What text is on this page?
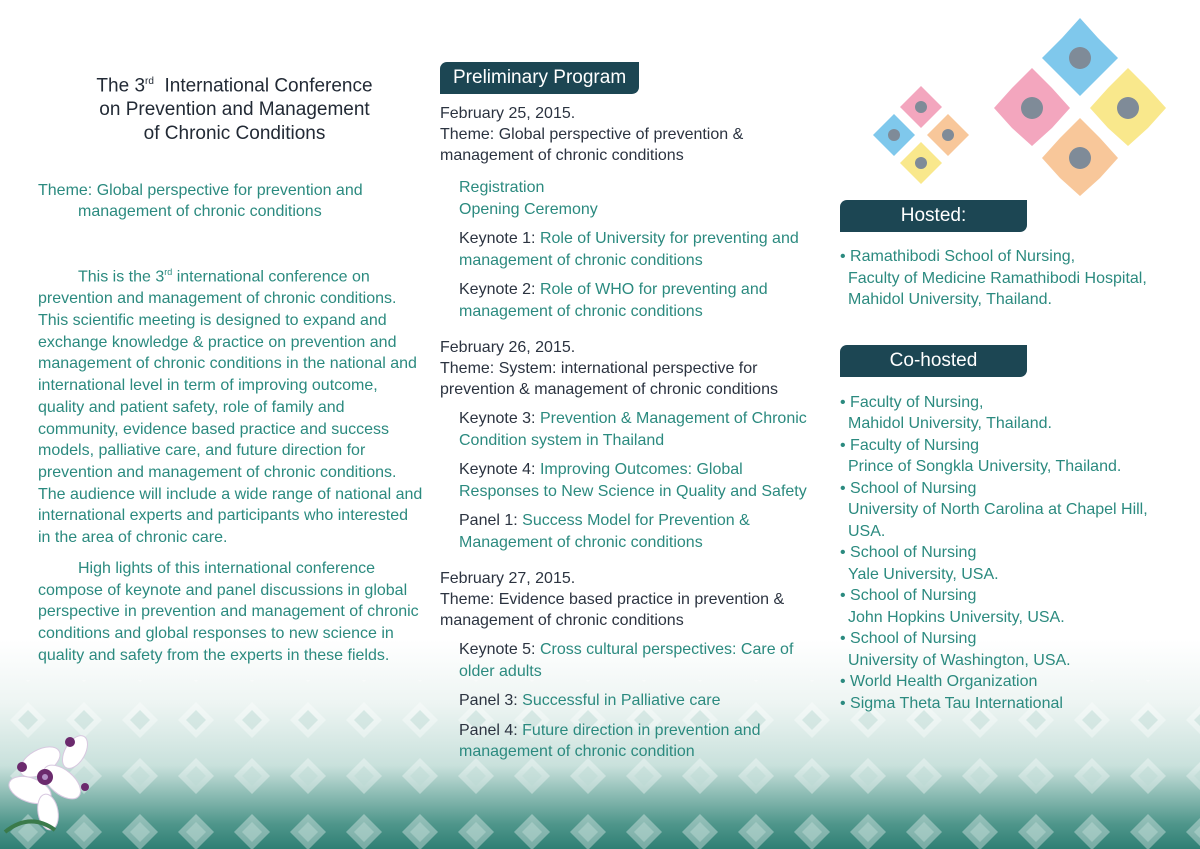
The 3rd International Conference
on Prevention and Management
of Chronic Conditions
Theme: Global perspective for prevention and
management of chronic conditions
This is the 3rd international conference on prevention and management of chronic conditions. This scientific meeting is designed to expand and exchange knowledge & practice on prevention and management of chronic conditions in the national and international level in term of improving outcome, quality and patient safety, role of family and community, evidence based practice and success models, palliative care, and future direction for prevention and management of chronic conditions. The audience will include a wide range of national and international experts and participants who interested in the area of chronic care.
High lights of this international conference compose of keynote and panel discussions in global perspective in prevention and management of chronic conditions and global responses to new science in quality and safety from the experts in these fields.
Preliminary Program
February 25, 2015.
Theme: Global perspective of prevention & management of chronic conditions
Registration
Opening Ceremony
Keynote 1: Role of University for preventing and management of chronic conditions
Keynote 2: Role of WHO for preventing and management of chronic conditions
February 26, 2015.
Theme: System: international perspective for prevention & management of chronic conditions
Keynote 3: Prevention & Management of Chronic Condition system in Thailand
Keynote 4: Improving Outcomes: Global Responses to New Science in Quality and Safety
Panel 1: Success Model for Prevention & Management of chronic conditions
February 27, 2015.
Theme: Evidence based practice in prevention & management of chronic conditions
Keynote 5: Cross cultural perspectives: Care of older adults
Panel 3: Successful in Palliative care
Panel 4: Future direction in prevention and management of chronic condition
Hosted:
• Ramathibodi School of Nursing,
Faculty of Medicine Ramathibodi Hospital,
Mahidol University, Thailand.
Co-hosted
• Faculty of Nursing,
Mahidol University, Thailand.
• Faculty of Nursing
Prince of Songkla University, Thailand.
• School of Nursing
University of North Carolina at Chapel Hill,
USA.
• School of Nursing
Yale University, USA.
• School of Nursing
John Hopkins University, USA.
• School of Nursing
University of Washington, USA.
• World Health Organization
• Sigma Theta Tau International
